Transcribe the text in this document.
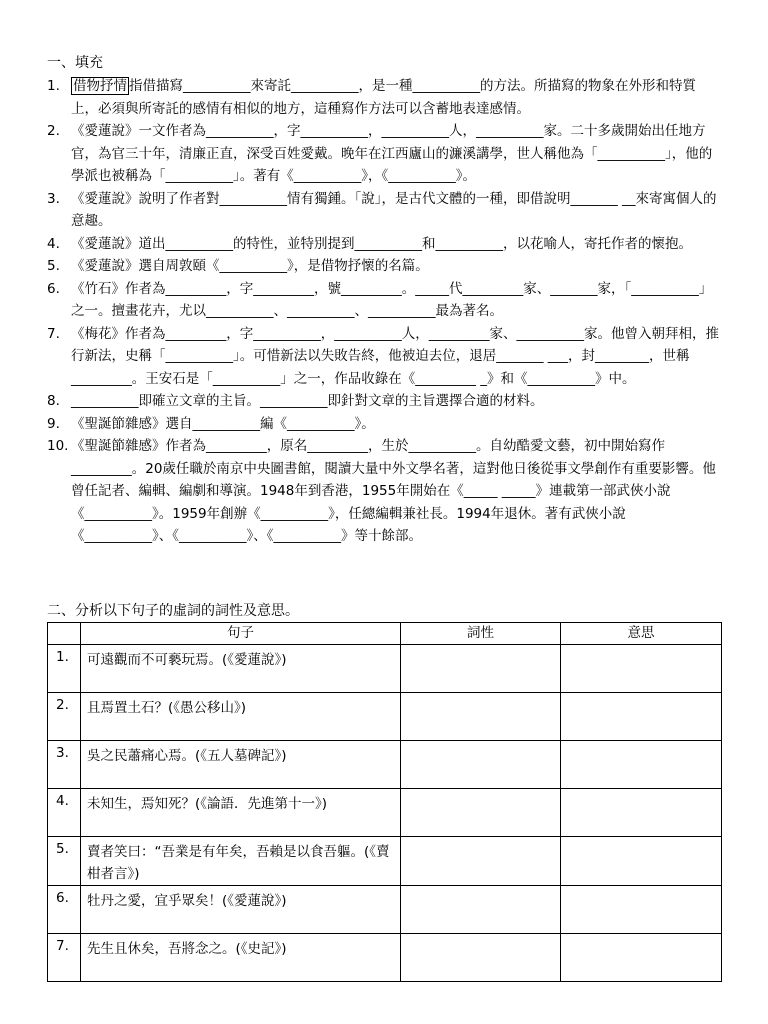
一、填充
1. 借物抒情 指借描寫__________來寄託__________，是一種__________的方法。所描寫的物象在外形和特質上，必須與所寄託的感情有相似的地方，這種寫作方法可以含蓄地表達感情。
2. 《愛蓮說》一文作者為__________，字__________，__________人，__________家。二十多歲開始出任地方官，為官三十年，清廉正直，深受百姓愛戴。晚年在江西廬山的濂溪講學，世人稱他為「__________」，他的學派也被稱為「__________」。著有《__________》，《__________》。
3. 《愛蓮說》說明了作者對__________情有獨鍾。「說」，是古代文體的一種，即借說明_______ __來寄寓個人的意趣。
4. 《愛蓮說》道出__________的特性，並特別提到__________和__________，以花喻人，寄托作者的懷抱。
5. 《愛蓮說》選自周敦頤《__________》，是借物抒懷的名篇。
6. 《竹石》作者為_________，字_________，號_________。_____代_________家、_______家，「__________」之一。擅畫花卉，尤以__________、__________、__________最為著名。
7. 《梅花》作者為_________，字__________，__________人，_________家、__________家。他曾入朝拜相，推行新法，史稱「__________」。可惜新法以失敗告終，他被迫去位，退居_______ ___，封________，世稱_________。王安石是「__________」之一，作品收錄在《_________ _》和《__________》中。
8. __________即確立文章的主旨。__________即針對文章的主旨選擇合適的材料。
9. 《聖誕節雜感》選自__________編《__________》。
10. 《聖誕節雜感》作者為_________，原名_________，生於__________。自幼酷愛文藝，初中開始寫作_________。20歲任職於南京中央圖書館，閱讀大量中外文學名著，這對他日後從事文學創作有重要影響。他曾任記者、編輯、編劇和導演。1948年到香港，1955年開始在《_____ _____》連載第一部武俠小說《__________》。1959年創辦《__________》，任總編輯兼社長。1994年退休。著有武俠小說《__________》、《__________》、《__________》等十餘部。
二、分析以下句子的虛詞的詞性及意思。
	句子	詞性	意思
1.	可遠觀而不可褻玩焉。(《愛蓮說》)		
2.	且焉置土石？(《愚公移山》)		
3.	吳之民蕭痛心焉。(《五人墓碑記》)		
4.	未知生，焉知死？(《論語．先進第十一》)		
5.	賣者笑曰：“吾業是有年矣，吾賴是以食吾軀。(《賣柑者言》)		
6.	牡丹之愛，宜乎眾矣！(《愛蓮說》)		
7.	先生且休矣，吾將念之。(《史記》)		
